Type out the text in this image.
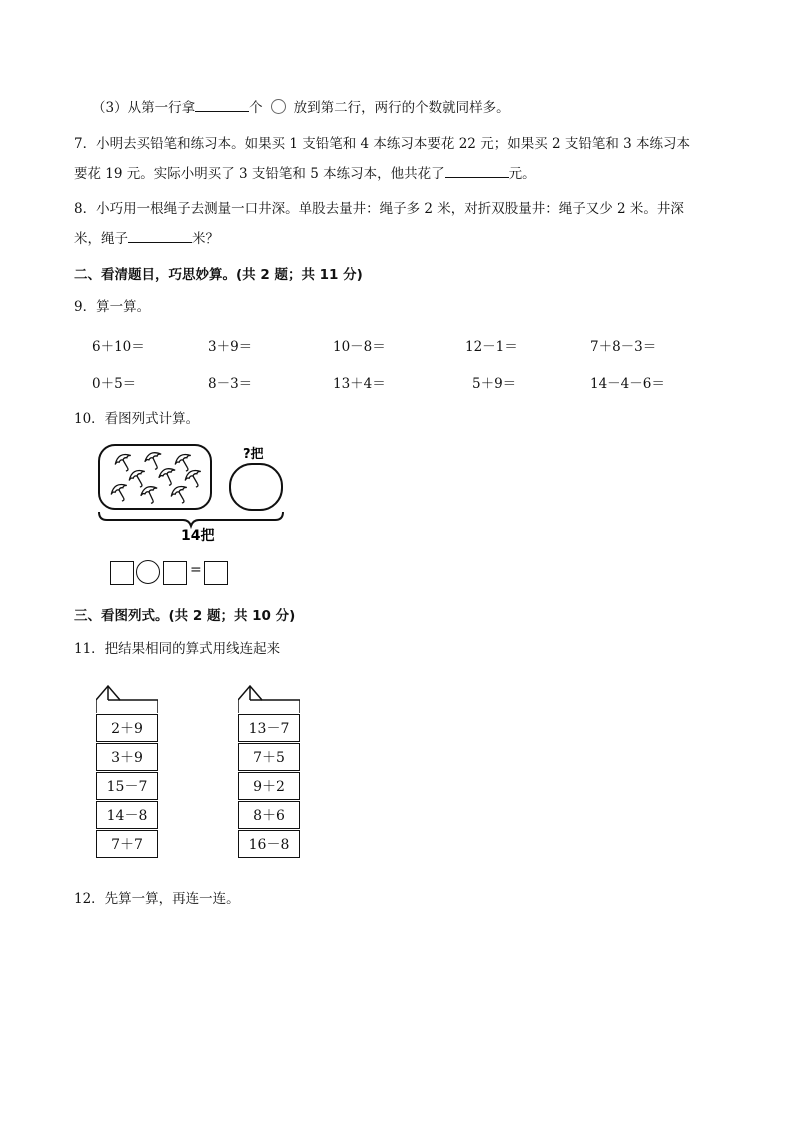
（3）从第一行拿	个 放到第二行，两行的个数就同样多。
7．小明去买铅笔和练习本。如果买 1 支铅笔和 4 本练习本要花 22 元；如果买 2 支铅笔和 3 本练习本
要花 19 元。实际小明买了 3 支铅笔和 5 本练习本，他共花了	元。
8．小巧用一根绳子去测量一口井深。单股去量井：绳子多 2 米，对折双股量井：绳子又少 2 米。井深
米，绳子	米？
二、看清题目，巧思妙算。(共 2 题；共 11 分)
9．算一算。
6＋10＝	3＋9＝	10－8＝	12－1＝	7＋8－3＝
0＋5＝	8－3＝	13＋4＝	5＋9＝	14－4－6＝
10．看图列式计算。
?把
14把
=
三、看图列式。(共 2 题；共 10 分)
11．把结果相同的算式用线连起来
2＋9
3＋9
15－7
14－8
7＋7
13－7
7＋5
9＋2
8＋6
16－8
12．先算一算，再连一连。
